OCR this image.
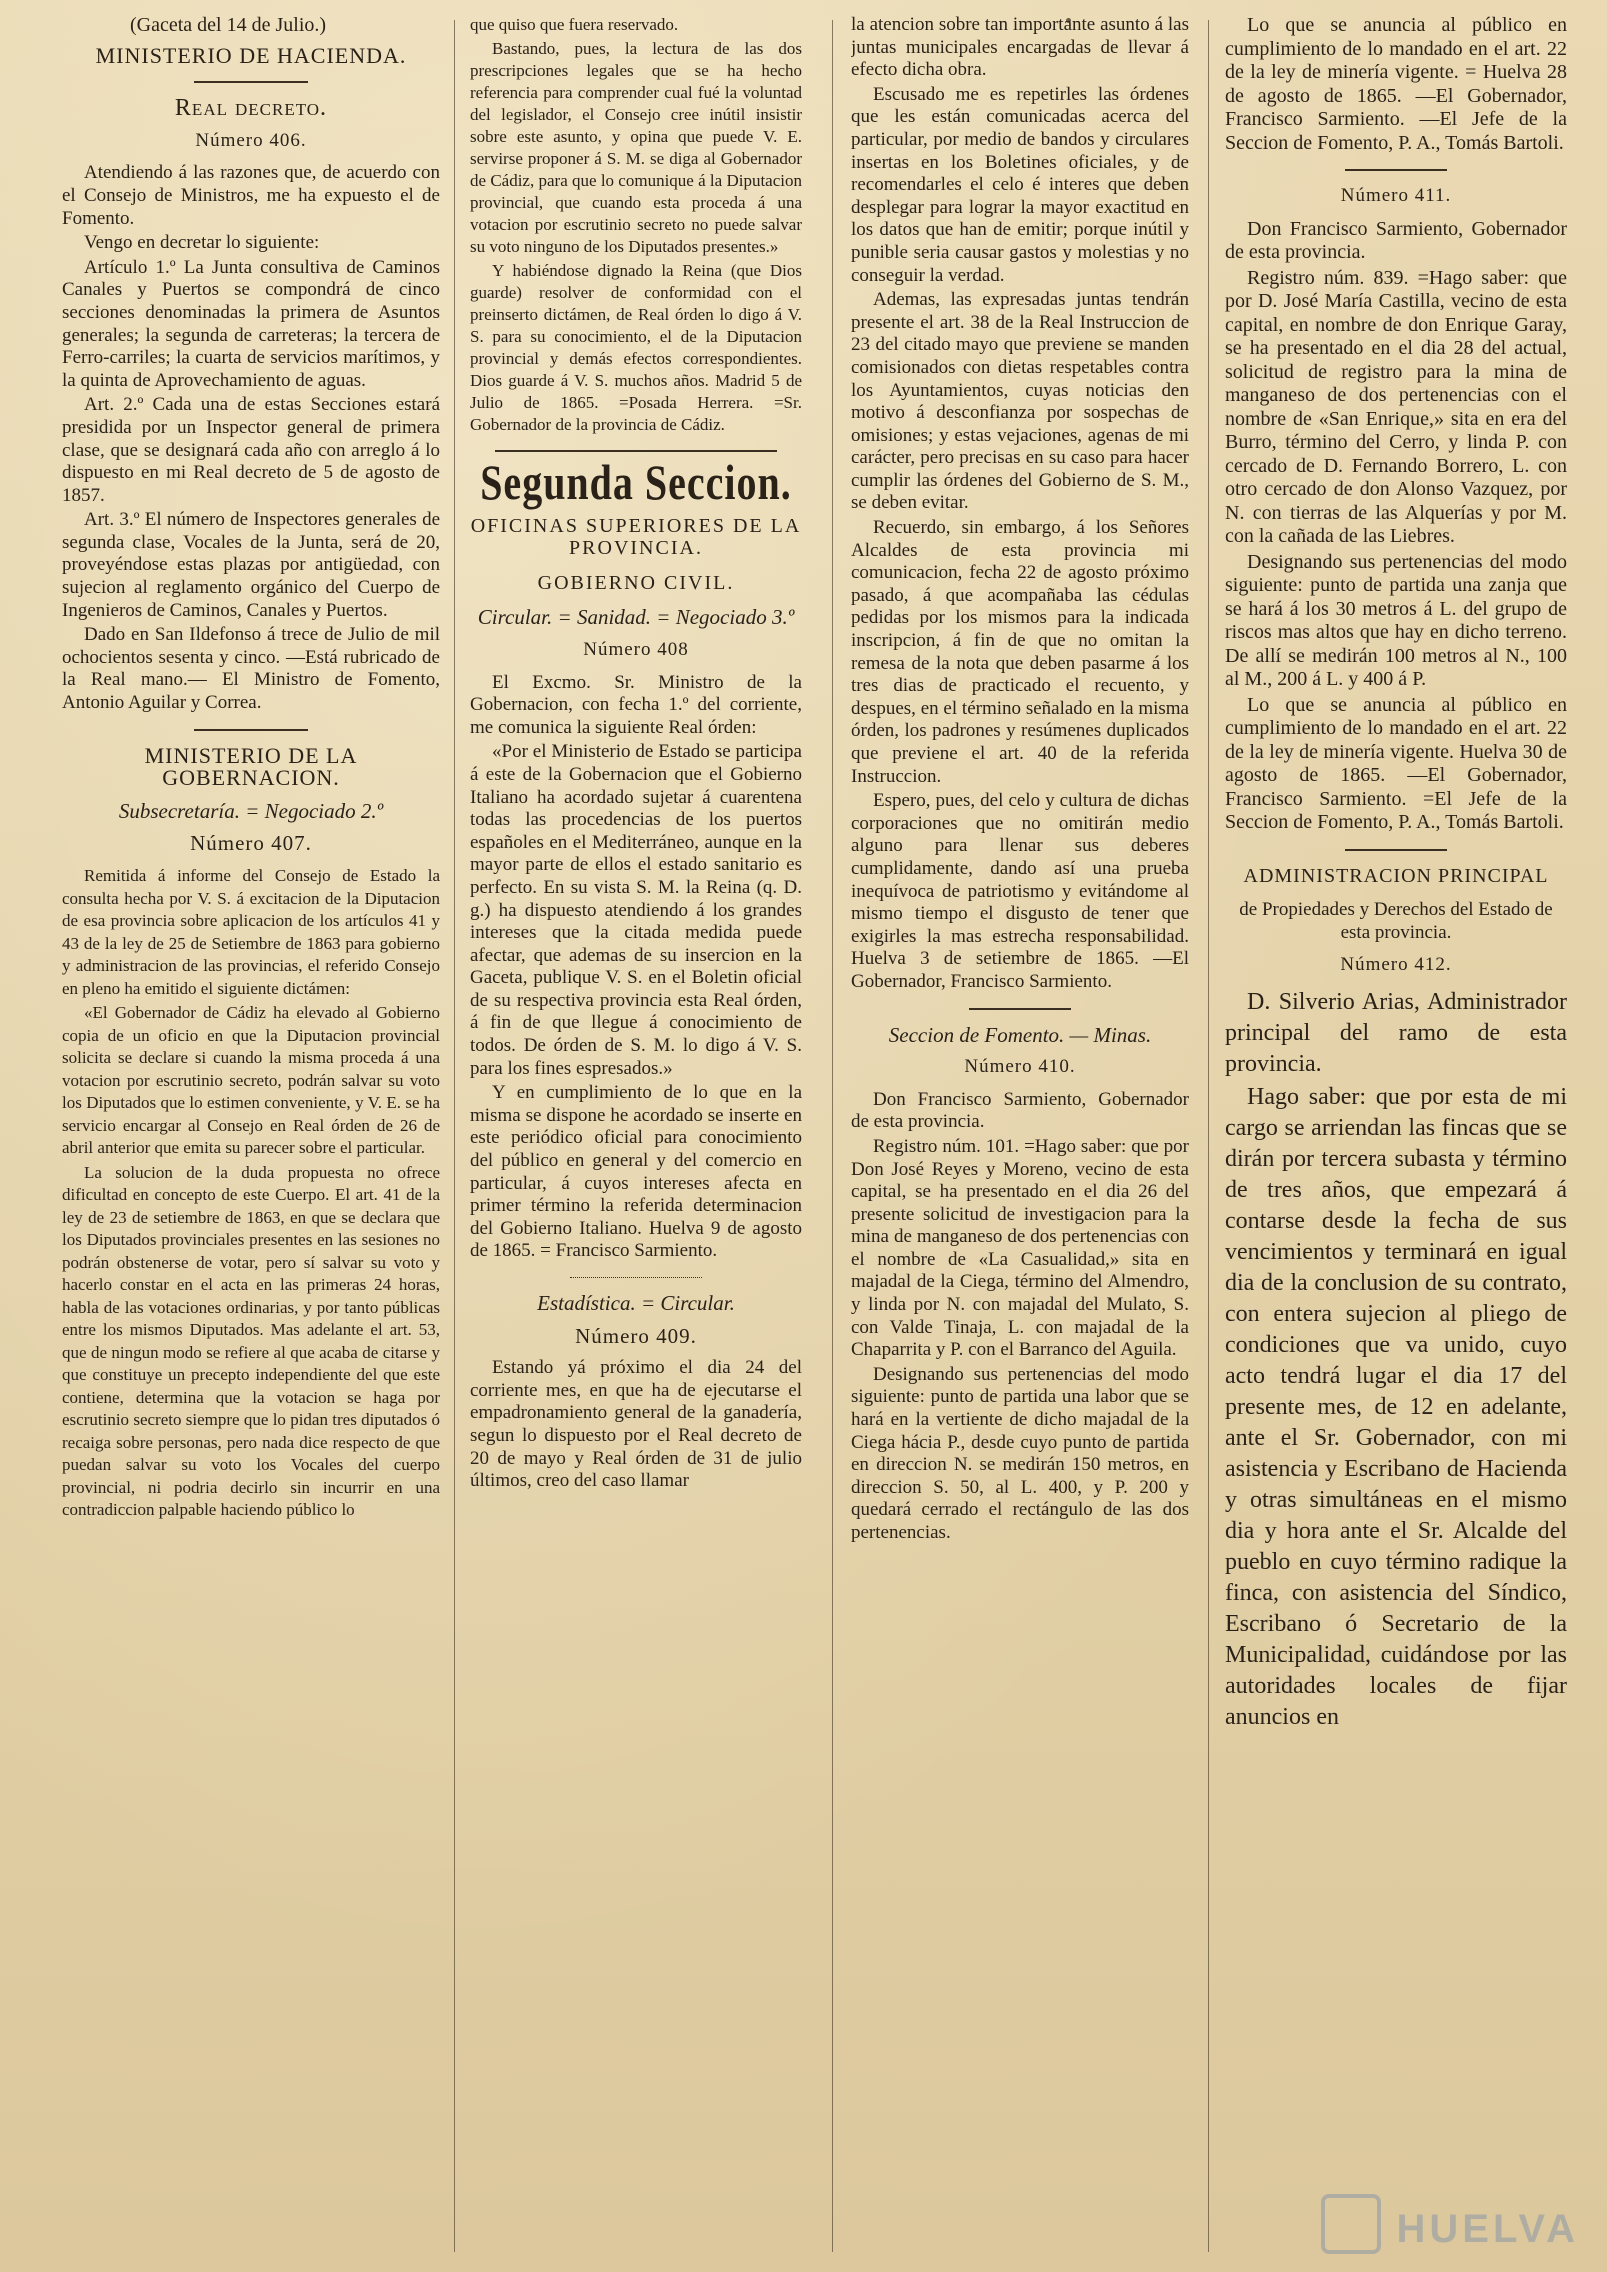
(Gaceta del 14 de Julio.)

MINISTERIO DE HACIENDA.

Real decreto.

Número 406.

Atendiendo á las razones que, de acuerdo con el Consejo de Ministros, me ha expuesto el de Fomento.

Vengo en decretar lo siguiente:

Artículo 1.º La Junta consultiva de Caminos Canales y Puertos se compondrá de cinco secciones denominadas la primera de Asuntos generales; la segunda de carreteras; la tercera de Ferro-carriles; la cuarta de servicios marítimos, y la quinta de Aprovechamiento de aguas.

Art. 2.º Cada una de estas Secciones estará presidida por un Inspector general de primera clase, que se designará cada año con arreglo á lo dispuesto en mi Real decreto de 5 de agosto de 1857.

Art. 3.º El número de Inspectores generales de segunda clase, Vocales de la Junta, será de 20, proveyéndose estas plazas por antigüedad, con sujecion al reglamento orgánico del Cuerpo de Ingenieros de Caminos, Canales y Puertos.

Dado en San Ildefonso á trece de Julio de mil ochocientos sesenta y cinco. —Está rubricado de la Real mano.— El Ministro de Fomento, Antonio Aguilar y Correa.

MINISTERIO DE LA GOBERNACION.

Subsecretaría. = Negociado 2.º

Número 407.

Remitida á informe del Consejo de Estado la consulta hecha por V. S. á excitacion de la Diputacion de esa provincia sobre aplicacion de los artículos 41 y 43 de la ley de 25 de Setiembre de 1863 para gobierno y administracion de las provincias, el referido Consejo en pleno ha emitido el siguiente dictámen:

«El Gobernador de Cádiz ha elevado al Gobierno copia de un oficio en que la Diputacion provincial solicita se declare si cuando la misma proceda á una votacion por escrutinio secreto, podrán salvar su voto los Diputados que lo estimen conveniente, y V. E. se ha servicio encargar al Consejo en Real órden de 26 de abril anterior que emita su parecer sobre el particular.

La solucion de la duda propuesta no ofrece dificultad en concepto de este Cuerpo. El art. 41 de la ley de 23 de setiembre de 1863, en que se declara que los Diputados provinciales presentes en las sesiones no podrán obstenerse de votar, pero sí salvar su voto y hacerlo constar en el acta en las primeras 24 horas, habla de las votaciones ordinarias, y por tanto públicas entre los mismos Diputados. Mas adelante el art. 53, que de ningun modo se refiere al que acaba de citarse y que constituye un precepto independiente del que este contiene, determina que la votacion se haga por escrutinio secreto siempre que lo pidan tres diputados ó recaiga sobre personas, pero nada dice respecto de que puedan salvar su voto los Vocales del cuerpo provincial, ni podria decirlo sin incurrir en una contradiccion palpable haciendo público lo

que quiso que fuera reservado.

Bastando, pues, la lectura de las dos prescripciones legales que se ha hecho referencia para comprender cual fué la voluntad del legislador, el Consejo cree inútil insistir sobre este asunto, y opina que puede V. E. servirse proponer á S. M. se diga al Gobernador de Cádiz, para que lo comunique á la Diputacion provincial, que cuando esta proceda á una votacion por escrutinio secreto no puede salvar su voto ninguno de los Diputados presentes.»

Y habiéndose dignado la Reina (que Dios guarde) resolver de conformidad con el preinserto dictámen, de Real órden lo digo á V. S. para su conocimiento, el de la Diputacion provincial y demás efectos correspondientes. Dios guarde á V. S. muchos años. Madrid 5 de Julio de 1865. =Posada Herrera. =Sr. Gobernador de la provincia de Cádiz.

Segunda Seccion.

OFICINAS SUPERIORES DE LA PROVINCIA.

GOBIERNO CIVIL.

Circular. = Sanidad. = Negociado 3.º

Número 408

El Excmo. Sr. Ministro de la Gobernacion, con fecha 1.º del corriente, me comunica la siguiente Real órden:

«Por el Ministerio de Estado se participa á este de la Gobernacion que el Gobierno Italiano ha acordado sujetar á cuarentena todas las procedencias de los puertos españoles en el Mediterráneo, aunque en la mayor parte de ellos el estado sanitario es perfecto. En su vista S. M. la Reina (q. D. g.) ha dispuesto atendiendo á los grandes intereses que la citada medida puede afectar, que ademas de su insercion en la Gaceta, publique V. S. en el Boletin oficial de su respectiva provincia esta Real órden, á fin de que llegue á conocimiento de todos. De órden de S. M. lo digo á V. S. para los fines espresados.»

Y en cumplimiento de lo que en la misma se dispone he acordado se inserte en este periódico oficial para conocimiento del público en general y del comercio en particular, á cuyos intereses afecta en primer término la referida determinacion del Gobierno Italiano. Huelva 9 de agosto de 1865. = Francisco Sarmiento.

Estadística. = Circular.

Número 409.

Estando yá próximo el dia 24 del corriente mes, en que ha de ejecutarse el empadronamiento general de la ganadería, segun lo dispuesto por el Real decreto de 20 de mayo y Real órden de 31 de julio últimos, creo del caso llamar

la atencion sobre tan importante asunto á las juntas municipales encargadas de llevar á efecto dicha obra.

Escusado me es repetirles las órdenes que les están comunicadas acerca del particular, por medio de bandos y circulares insertas en los Boletines oficiales, y de recomendarles el celo é interes que deben desplegar para lograr la mayor exactitud en los datos que han de emitir; porque inútil y punible seria causar gastos y molestias y no conseguir la verdad.

Ademas, las expresadas juntas tendrán presente el art. 38 de la Real Instruccion de 23 del citado mayo que previene se manden comisionados con dietas respetables contra los Ayuntamientos, cuyas noticias den motivo á desconfianza por sospechas de omisiones; y estas vejaciones, agenas de mi carácter, pero precisas en su caso para hacer cumplir las órdenes del Gobierno de S. M., se deben evitar.

Recuerdo, sin embargo, á los Señores Alcaldes de esta provincia mi comunicacion, fecha 22 de agosto próximo pasado, á que acompañaba las cédulas pedidas por los mismos para la indicada inscripcion, á fin de que no omitan la remesa de la nota que deben pasarme á los tres dias de practicado el recuento, y despues, en el término señalado en la misma órden, los padrones y resúmenes duplicados que previene el art. 40 de la referida Instruccion.

Espero, pues, del celo y cultura de dichas corporaciones que no omitirán medio alguno para llenar sus deberes cumplidamente, dando así una prueba inequívoca de patriotismo y evitándome al mismo tiempo el disgusto de tener que exigirles la mas estrecha responsabilidad. Huelva 3 de setiembre de 1865. —El Gobernador, Francisco Sarmiento.

Seccion de Fomento. — Minas.

Número 410.

Don Francisco Sarmiento, Gobernador de esta provincia.

Registro núm. 101. =Hago saber: que por Don José Reyes y Moreno, vecino de esta capital, se ha presentado en el dia 26 del presente solicitud de investigacion para la mina de manganeso de dos pertenencias con el nombre de «La Casualidad,» sita en majadal de la Ciega, término del Almendro, y linda por N. con majadal del Mulato, S. con Valde Tinaja, L. con majadal de la Chaparrita y P. con el Barranco del Aguila.

Designando sus pertenencias del modo siguiente: punto de partida una labor que se hará en la vertiente de dicho majadal de la Ciega hácia P., desde cuyo punto de partida en direccion N. se medirán 150 metros, en direccion S. 50, al L. 400, y P. 200 y quedará cerrado el rectángulo de las dos pertenencias.

Lo que se anuncia al público en cumplimiento de lo mandado en el art. 22 de la ley de minería vigente. = Huelva 28 de agosto de 1865. —El Gobernador, Francisco Sarmiento. —El Jefe de la Seccion de Fomento, P. A., Tomás Bartoli.

Número 411.

Don Francisco Sarmiento, Gobernador de esta provincia.

Registro núm. 839. =Hago saber: que por D. José María Castilla, vecino de esta capital, en nombre de don Enrique Garay, se ha presentado en el dia 28 del actual, solicitud de registro para la mina de manganeso de dos pertenencias con el nombre de «San Enrique,» sita en era del Burro, término del Cerro, y linda P. con cercado de D. Fernando Borrero, L. con otro cercado de don Alonso Vazquez, por N. con tierras de las Alquerías y por M. con la cañada de las Liebres.

Designando sus pertenencias del modo siguiente: punto de partida una zanja que se hará á los 30 metros á L. del grupo de riscos mas altos que hay en dicho terreno. De allí se medirán 100 metros al N., 100 al M., 200 á L. y 400 á P.

Lo que se anuncia al público en cumplimiento de lo mandado en el art. 22 de la ley de minería vigente. Huelva 30 de agosto de 1865. —El Gobernador, Francisco Sarmiento. =El Jefe de la Seccion de Fomento, P. A., Tomás Bartoli.

ADMINISTRACION PRINCIPAL

de Propiedades y Derechos del Estado de esta provincia.

Número 412.

D. Silverio Arias, Administrador principal del ramo de esta provincia.

Hago saber: que por esta de mi cargo se arriendan las fincas que se dirán por tercera subasta y término de tres años, que empezará á contarse desde la fecha de sus vencimientos y terminará en igual dia de la conclusion de su contrato, con entera sujecion al pliego de condiciones que va unido, cuyo acto tendrá lugar el dia 17 del presente mes, de 12 en adelante, ante el Sr. Gobernador, con mi asistencia y Escribano de Hacienda y otras simultáneas en el mismo dia y hora ante el Sr. Alcalde del pueblo en cuyo término radique la finca, con asistencia del Síndico, Escribano ó Secretario de la Municipalidad, cuidándose por las autoridades locales de fijar anuncios en

HUELVA
